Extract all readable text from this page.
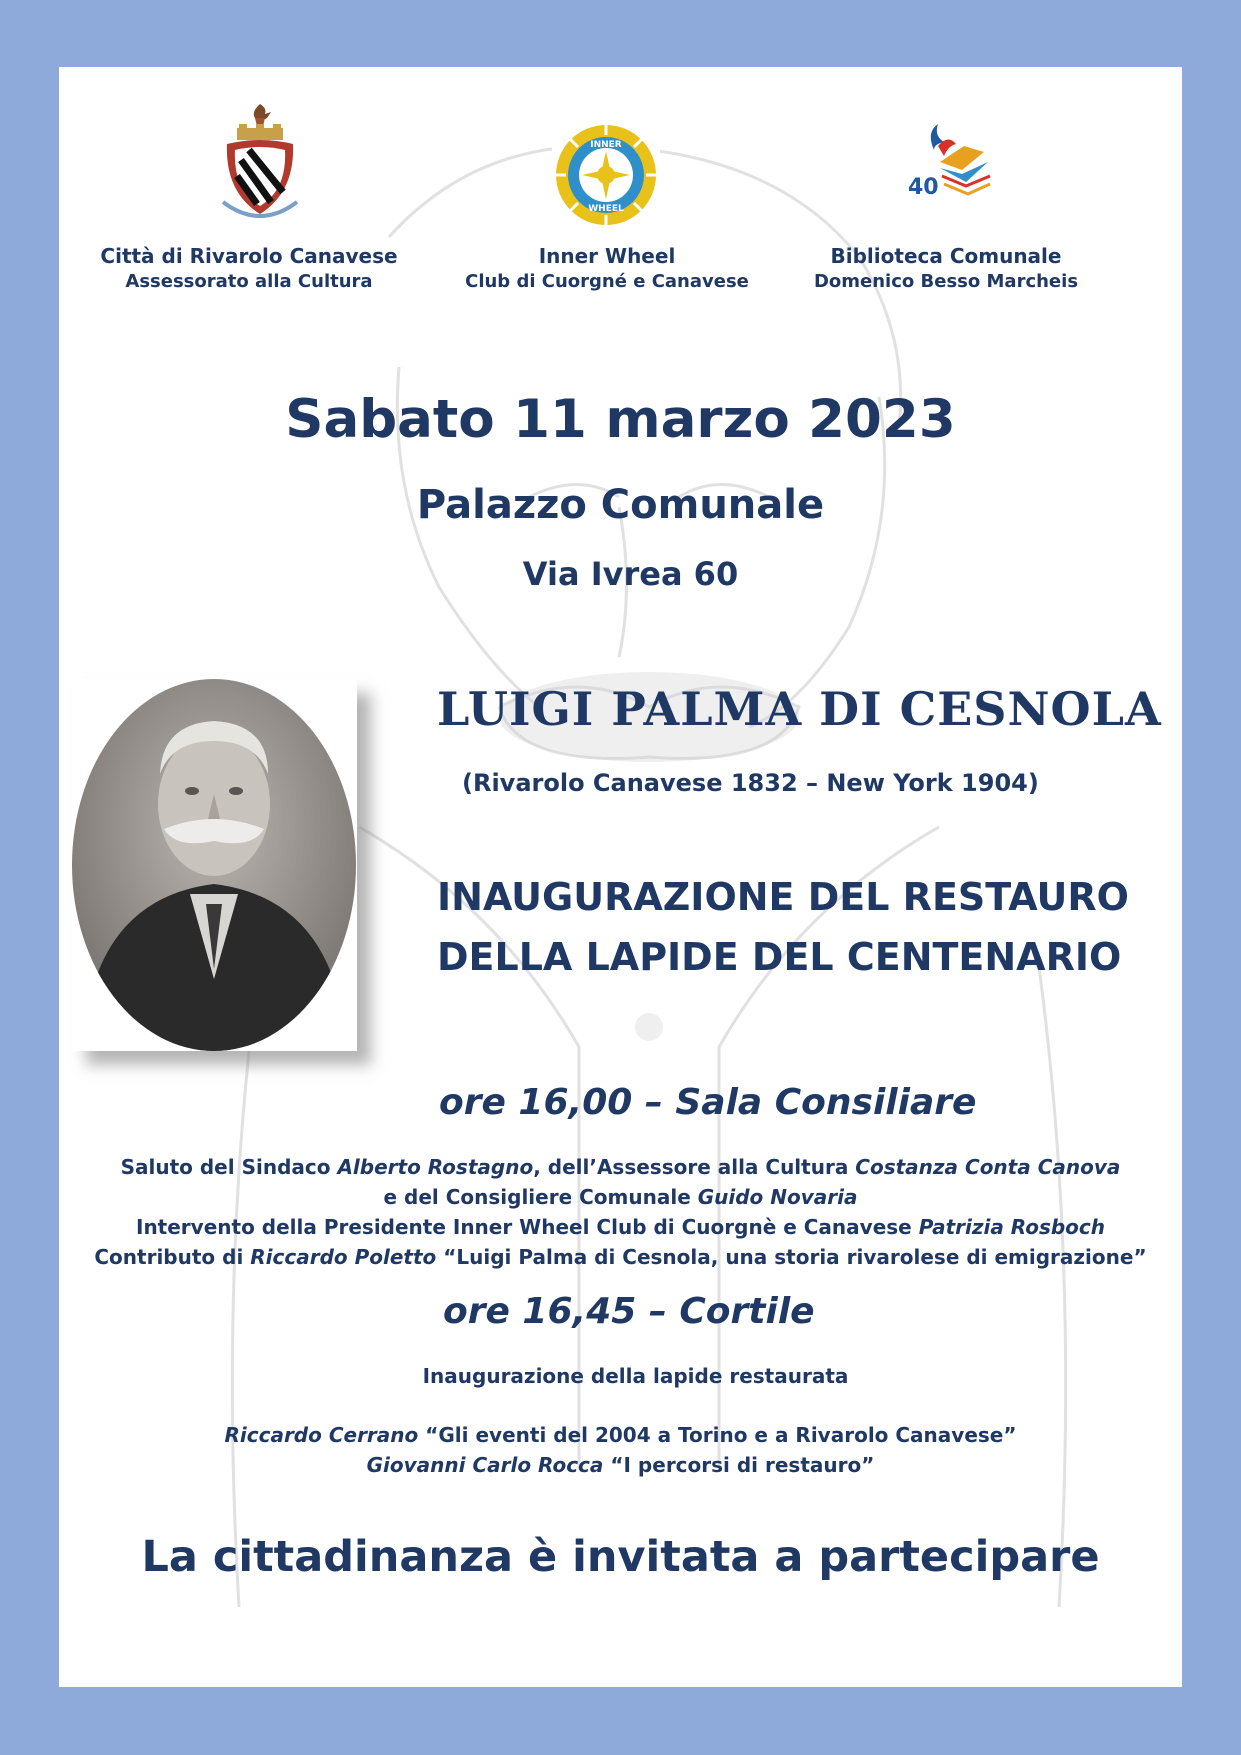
Città di Rivarolo Canavese
Assessorato alla Cultura
INNER
WHEEL
Inner Wheel
Club di Cuorgné e Canavese
40
Biblioteca Comunale
Domenico Besso Marcheis
Sabato 11 marzo 2023
Palazzo Comunale
Via Ivrea 60
LUIGI PALMA DI CESNOLA
(Rivarolo Canavese 1832 – New York 1904)
INAUGURAZIONE DEL RESTAURO
DELLA LAPIDE DEL CENTENARIO
ore 16,00 – Sala Consiliare
Saluto del Sindaco Alberto Rostagno, dell’Assessore alla Cultura Costanza Conta Canova
e del Consigliere Comunale Guido Novaria
Intervento della Presidente Inner Wheel Club di Cuorgnè e Canavese Patrizia Rosboch
Contributo di Riccardo Poletto “Luigi Palma di Cesnola, una storia rivarolese di emigrazione”
ore 16,45 – Cortile
Inaugurazione della lapide restaurata
Riccardo Cerrano “Gli eventi del 2004 a Torino e a Rivarolo Canavese”
Giovanni Carlo Rocca “I percorsi di restauro”
La cittadinanza è invitata a partecipare
